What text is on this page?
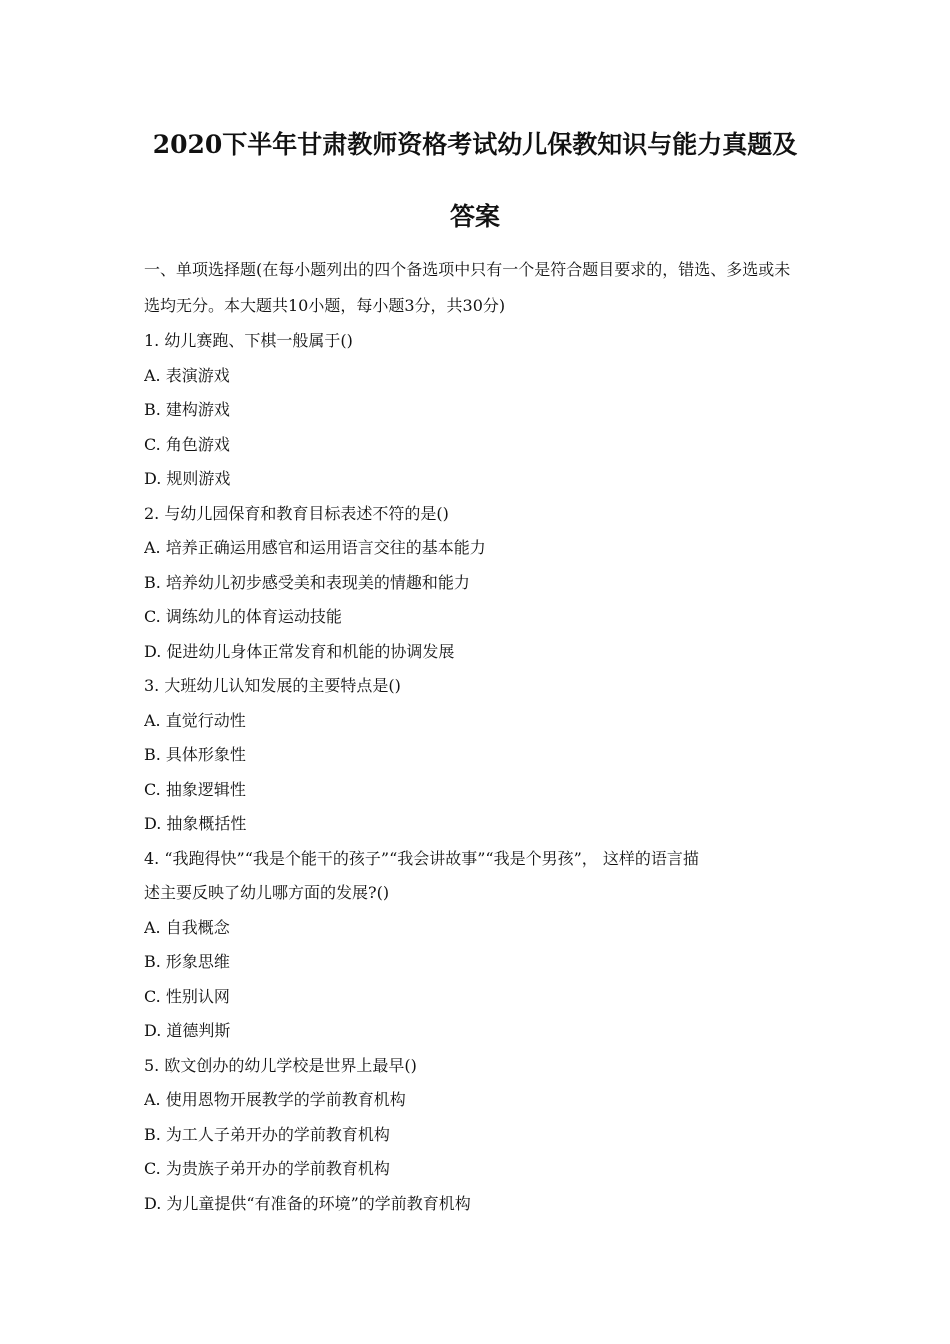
2020下半年甘肃教师资格考试幼儿保教知识与能力真题及
答案
一、单项选择题(在每小题列出的四个备选项中只有一个是符合题目要求的，错选、多选或未
选均无分。本大题共10小题，每小题3分，共30分)
1. 幼儿赛跑、下棋一般属于()
A. 表演游戏
B. 建构游戏
C. 角色游戏
D. 规则游戏
2. 与幼儿园保育和教育目标表述不符的是()
A. 培养正确运用感官和运用语言交往的基本能力
B. 培养幼儿初步感受美和表现美的情趣和能力
C. 调练幼儿的体育运动技能
D. 促进幼儿身体正常发育和机能的协调发展
3. 大班幼儿认知发展的主要特点是()
A. 直觉行动性
B. 具体形象性
C. 抽象逻辑性
D. 抽象概括性
4. “我跑得快”“我是个能干的孩子”“我会讲故事”“我是个男孩”， 这样的语言描
述主要反映了幼儿哪方面的发展?()
A. 自我概念
B. 形象思维
C. 性别认网
D. 道德判斯
5. 欧文创办的幼儿学校是世界上最早()
A. 使用恩物开展教学的学前教育机构
B. 为工人子弟开办的学前教育机构
C. 为贵族子弟开办的学前教育机构
D. 为儿童提供“有准备的环境”的学前教育机构
